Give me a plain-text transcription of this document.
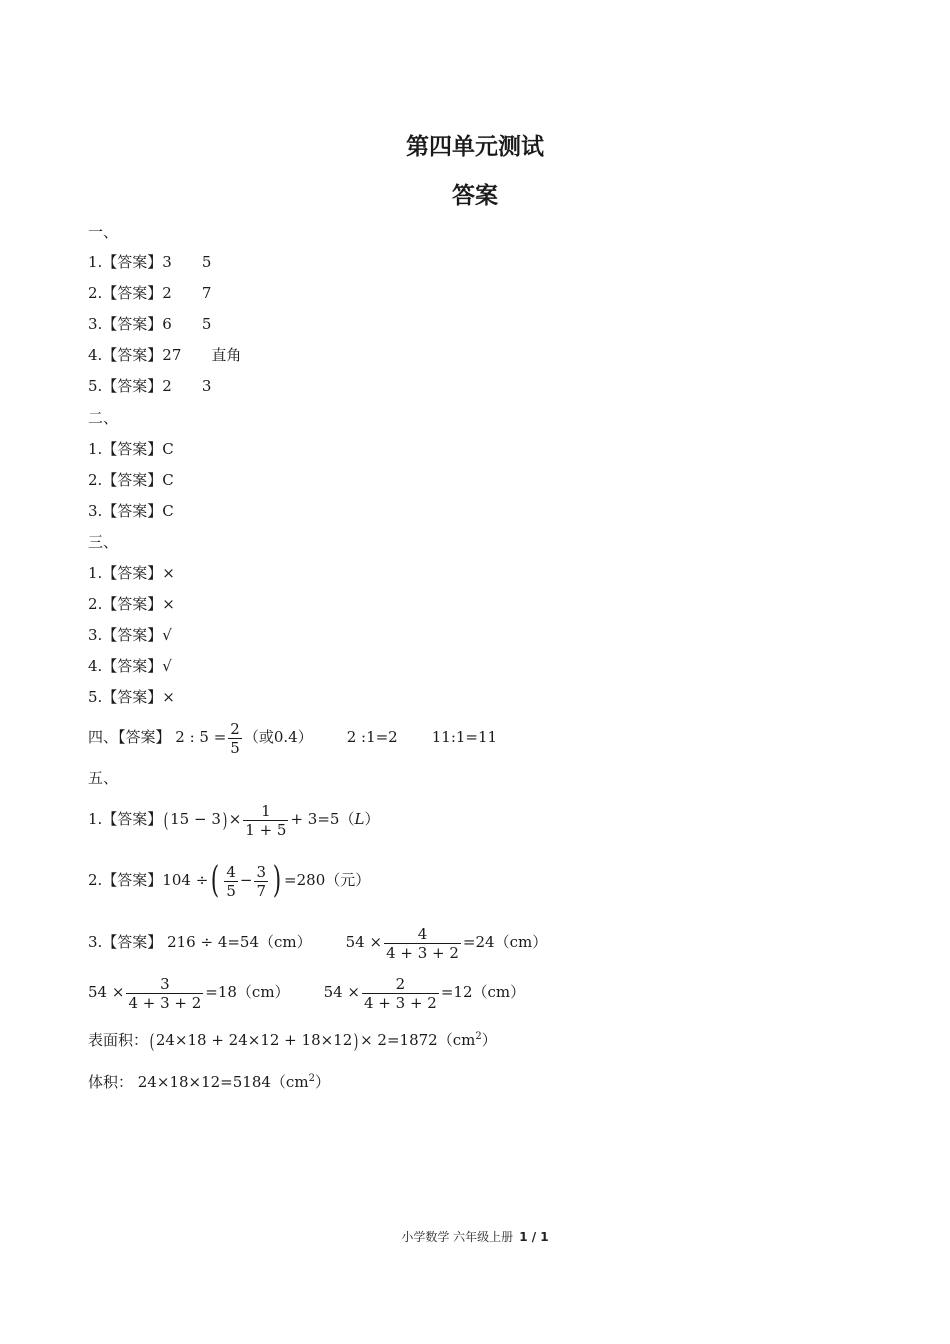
第四单元测试
答案
一、
1.【答案】3 5
2.【答案】2 7
3.【答案】6 5
4.【答案】27 直角
5.【答案】2 3
二、
1.【答案】C
2.【答案】C
3.【答案】C
三、
1.【答案】×
2.【答案】×
3.【答案】√
4.【答案】√
5.【答案】×
四、【答案】 2 : $5 = \frac{2}{5}$ （或0.4） 2 :1=2 11:1=11
五、
1.【答案】( $15 - 3) \times \frac{1}{1 + 5} + 3=5(L)$
2.【答案】104 ÷( $\frac{4}{5} - \frac{3}{7}$ ) =280（元）
3.【答案】 216 ÷ 4=54（cm） $54 \times \frac{4}{4 + 3 + 2} =24(cm)$
$54 \times \frac{3}{4 + 3 + 2} =18(cm) 54 \times \frac{2}{4 + 3 + 2} =12(cm)$
表面积：( $24\times 18 + 24\times 12 + 18\times 12) \times 2=1872(cm^2)$
体积： $24\times 18\times 12=5184(cm^2)$
小学数学 六年级上册 1 / 1
